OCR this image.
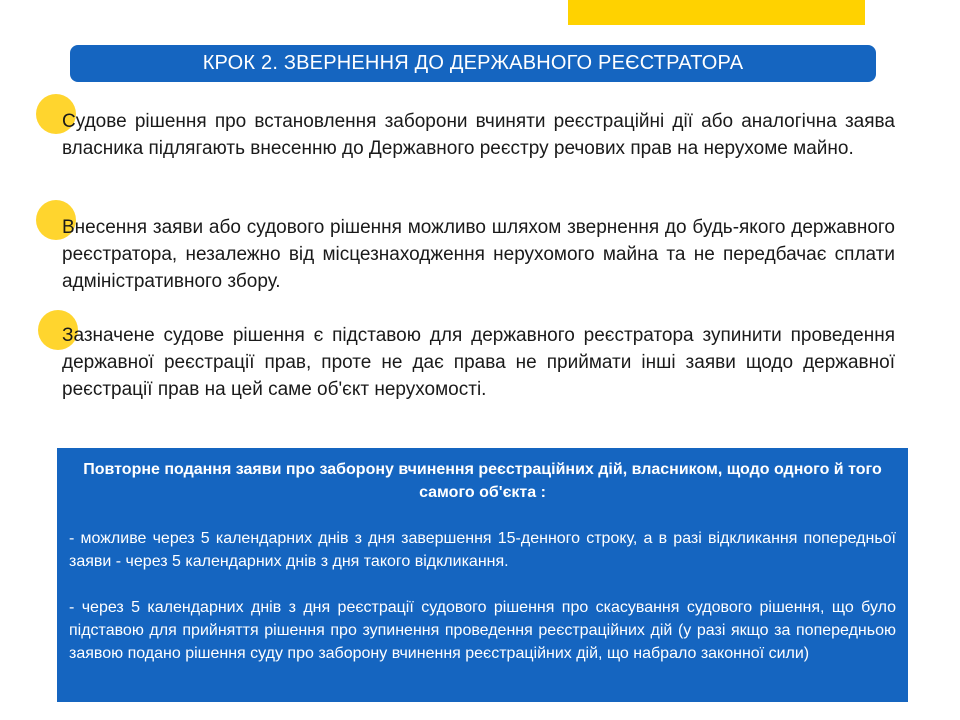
КРОК 2. ЗВЕРНЕННЯ ДО ДЕРЖАВНОГО РЕЄСТРАТОРА

Судове рішення про встановлення заборони вчиняти реєстраційні дії або аналогічна заява власника підлягають внесенню до Державного реєстру речових прав на нерухоме майно.

Внесення заяви або судового рішення можливо шляхом звернення до будь-якого державного реєстратора, незалежно від місцезнаходження нерухомого майна та не передбачає сплати адміністративного збору.

Зазначене судове рішення є підставою для державного реєстратора зупинити проведення державної реєстрації прав, проте не дає права не приймати інші заяви щодо державної реєстрації прав на цей саме об'єкт нерухомості.

Повторне подання заяви про заборону вчинення реєстраційних дій, власником, щодо одного й того самого об'єкта :

- можливе через 5 календарних днів з дня завершення 15-денного строку, а в разі відкликання попередньої заяви - через 5 календарних днів з дня такого відкликання.

- через 5 календарних днів з дня реєстрації судового рішення про скасування судового рішення, що було підставою для прийняття рішення про зупинення проведення реєстраційних дій (у разі якщо за попередньою заявою подано рішення суду про заборону вчинення реєстраційних дій, що набрало законної сили)
